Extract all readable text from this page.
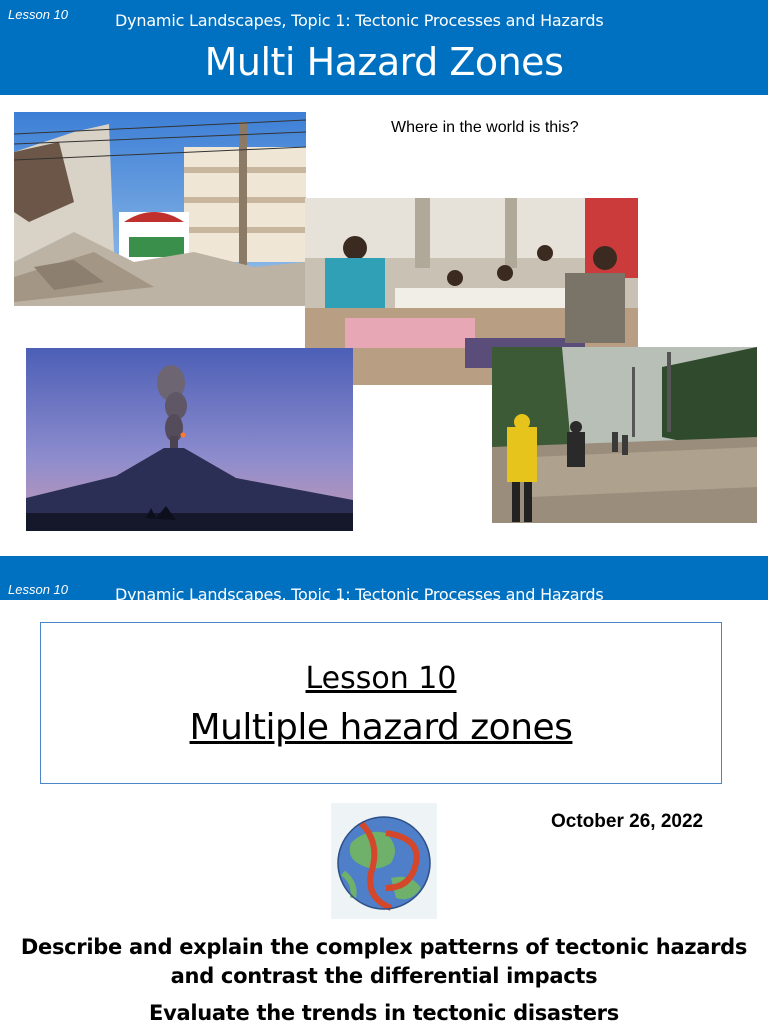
Lesson 10	Dynamic Landscapes, Topic 1: Tectonic Processes and Hazards
Multi Hazard Zones
Where in the world is this?
Lesson 10	Dynamic Landscapes, Topic 1: Tectonic Processes and Hazards
Lesson 10
Multiple hazard zones
October 26, 2022
Describe and explain the complex patterns of tectonic hazards and contrast the differential impacts
Evaluate the trends in tectonic disasters
